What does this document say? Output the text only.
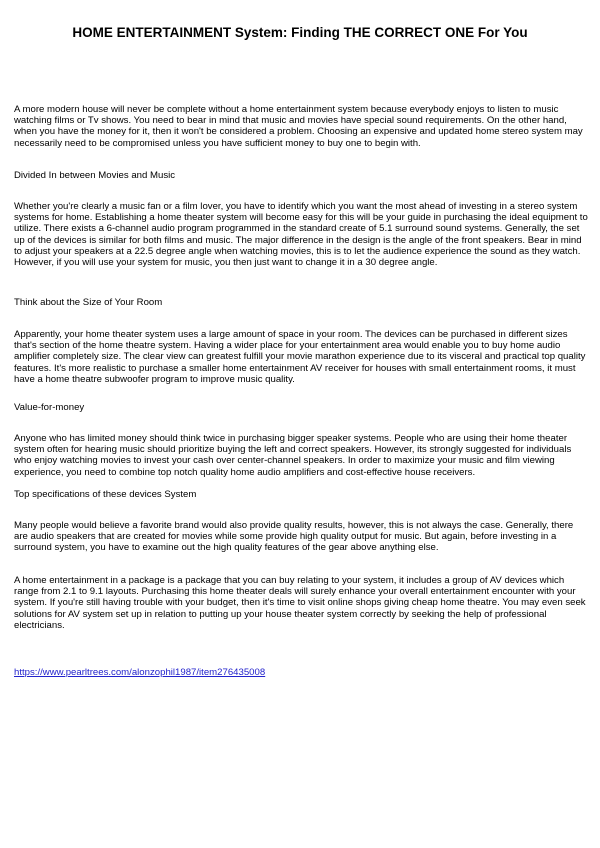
HOME ENTERTAINMENT System: Finding THE CORRECT ONE For You

A more modern house will never be complete without a home entertainment system because everybody enjoys to listen to music watching films or Tv shows. You need to bear in mind that music and movies have special sound requirements. On the other hand, when you have the money for it, then it won't be considered a problem. Choosing an expensive and updated home stereo system may necessarily need to be compromised unless you have sufficient money to buy one to begin with.

Divided In between Movies and Music

Whether you're clearly a music fan or a film lover, you have to identify which you want the most ahead of investing in a stereo system systems for home. Establishing a home theater system will become easy for this will be your guide in purchasing the ideal equipment to utilize. There exists a 6-channel audio program programmed in the standard create of 5.1 surround sound systems. Generally, the set up of the devices is similar for both films and music. The major difference in the design is the angle of the front speakers. Bear in mind to adjust your speakers at a 22.5 degree angle when watching movies, this is to let the audience experience the sound as they watch. However, if you will use your system for music, you then just want to change it in a 30 degree angle.

Think about the Size of Your Room

Apparently, your home theater system uses a large amount of space in your room. The devices can be purchased in different sizes that's section of the home theatre system. Having a wider place for your entertainment area would enable you to buy home audio amplifier completely size. The clear view can greatest fulfill your movie marathon experience due to its visceral and practical top quality features. It's more realistic to purchase a smaller home entertainment AV receiver for houses with small entertainment rooms, it must have a home theatre subwoofer program to improve music quality.

Value-for-money

Anyone who has limited money should think twice in purchasing bigger speaker systems. People who are using their home theater system often for hearing music should prioritize buying the left and correct speakers. However, its strongly suggested for individuals who enjoy watching movies to invest your cash over center-channel speakers. In order to maximize your music and film viewing experience, you need to combine top notch quality home audio amplifiers and cost-effective house receivers.

Top specifications of these devices System

Many people would believe a favorite brand would also provide quality results, however, this is not always the case. Generally, there are audio speakers that are created for movies while some provide high quality output for music. But again, before investing in a surround system, you have to examine out the high quality features of the gear above anything else.

A home entertainment in a package is a package that you can buy relating to your system, it includes a group of AV devices which range from 2.1 to 9.1 layouts. Purchasing this home theater deals will surely enhance your overall entertainment encounter with your system. If you're still having trouble with your budget, then it's time to visit online shops giving cheap home theatre. You may even seek solutions for AV system set up in relation to putting up your house theater system correctly by seeking the help of professional electricians.

https://www.pearltrees.com/alonzophil1987/item276435008
